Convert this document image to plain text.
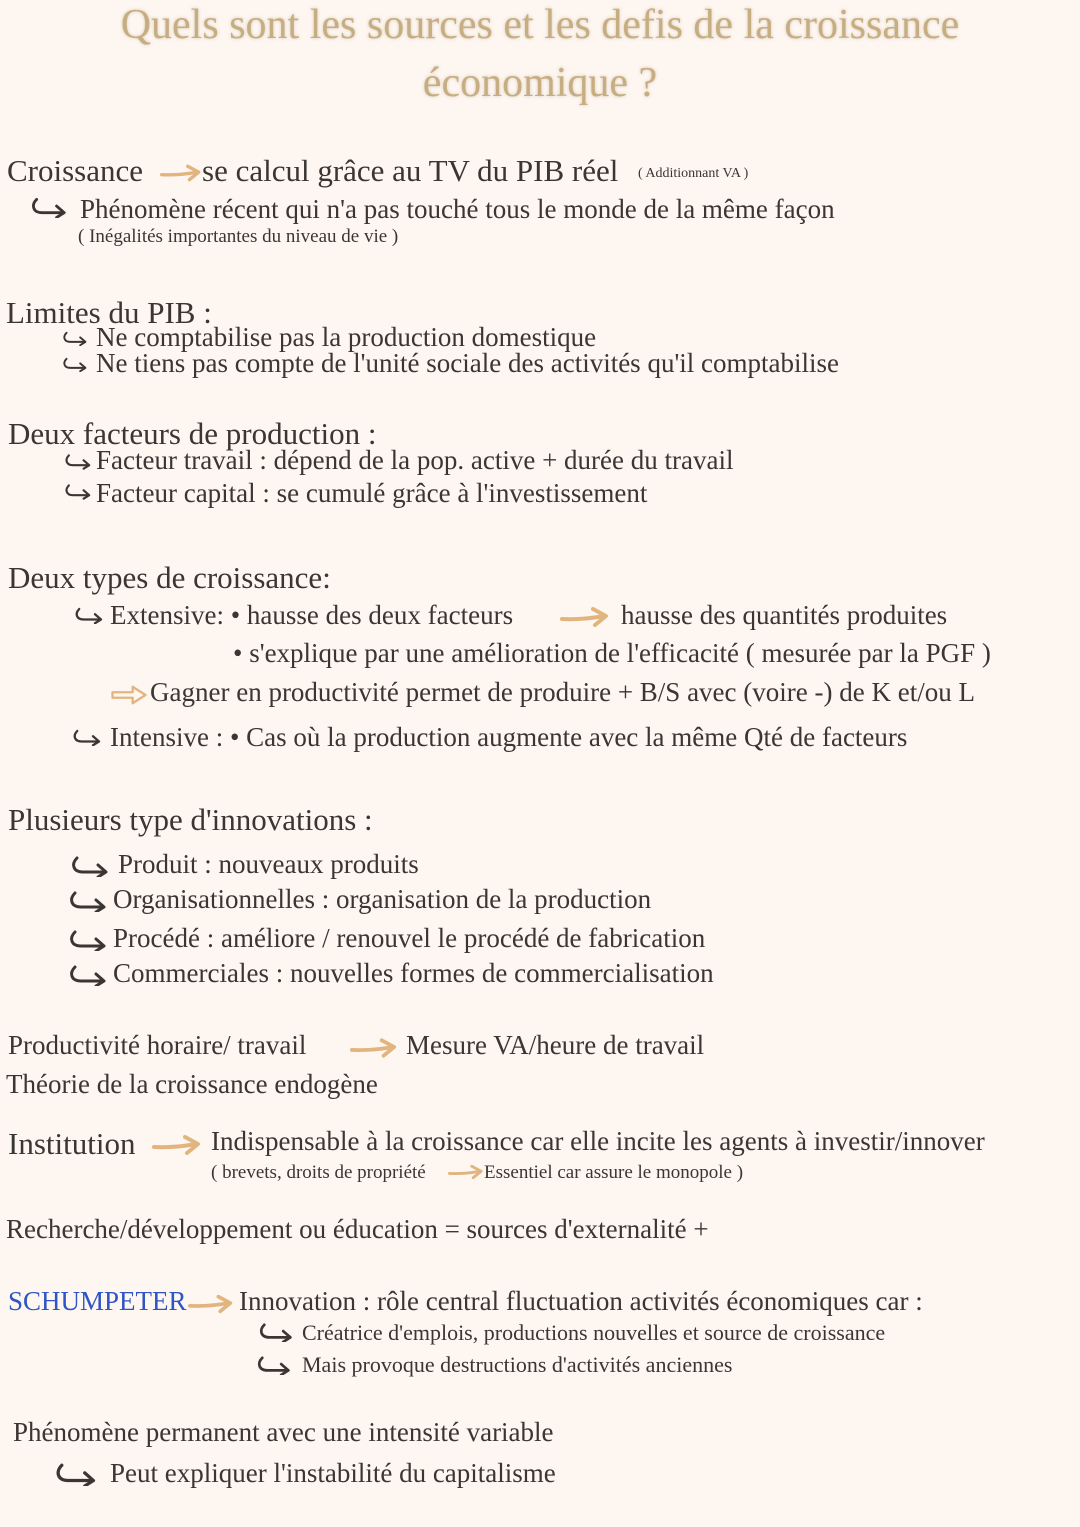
Quels sont les sources et les defis de la croissance
économique ?
Croissance se calcul grâce au TV du PIB réel ( Additionnant VA )
Phénomène récent qui n'a pas touché tous le monde de la même façon
( Inégalités importantes du niveau de vie )
Limites du PIB :
Ne comptabilise pas la production domestique
Ne tiens pas compte de l'unité sociale des activités qu'il comptabilise
Deux facteurs de production :
Facteur travail : dépend de la pop. active + durée du travail
Facteur capital : se cumulé grâce à l'investissement
Deux types de croissance:
Extensive: • hausse des deux facteurs	hausse des quantités produites
• s'explique par une amélioration de l'efficacité ( mesurée par la PGF )
Gagner en productivité permet de produire + B/S avec (voire -) de K et/ou L
Intensive : • Cas où la production augmente avec la même Qté de facteurs
Plusieurs type d'innovations :
Produit : nouveaux produits
Organisationnelles : organisation de la production
Procédé : améliore / renouvel le procédé de fabrication
Commerciales : nouvelles formes de commercialisation
Productivité horaire/ travail	Mesure VA/heure de travail
Théorie de la croissance endogène
Institution	Indispensable à la croissance car elle incite les agents à investir/innover
( brevets, droits de propriété	Essentiel car assure le monopole )
Recherche/développement ou éducation = sources d'externalité +
SCHUMPETER Innovation : rôle central fluctuation activités économiques car :
Créatrice d'emplois, productions nouvelles et source de croissance
Mais provoque destructions d'activités anciennes
Phénomène permanent avec une intensité variable
Peut expliquer l'instabilité du capitalisme
